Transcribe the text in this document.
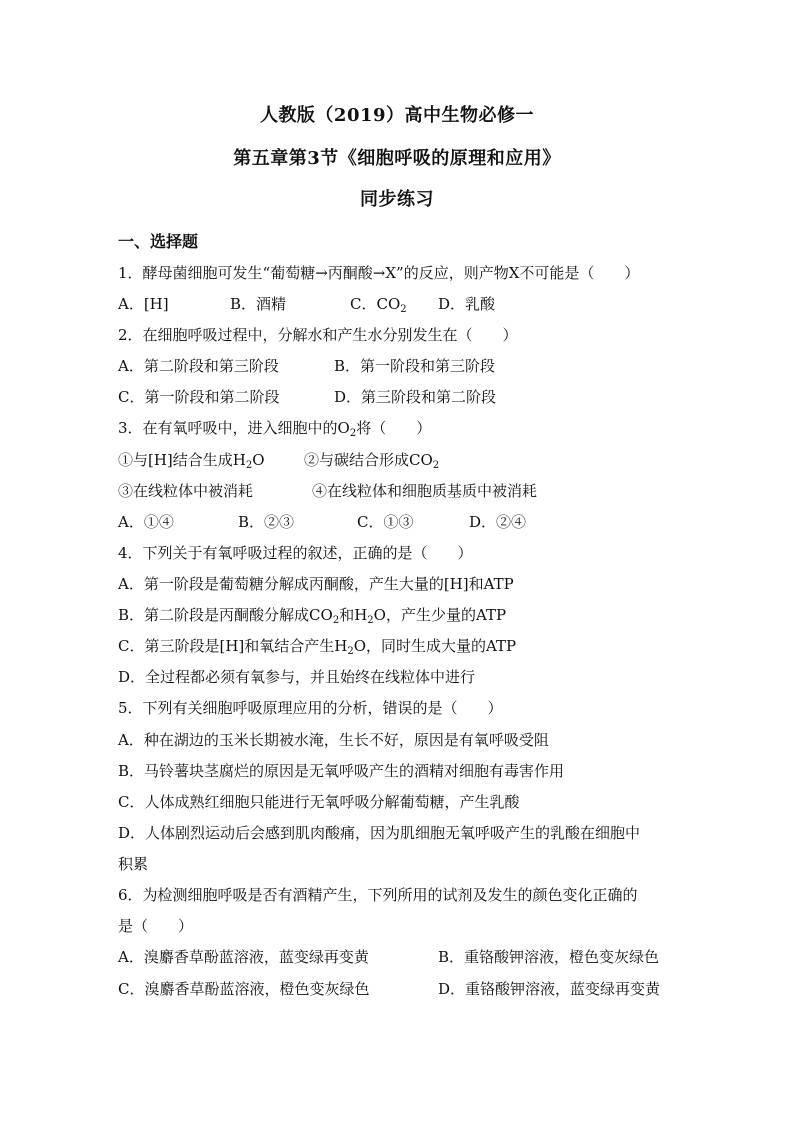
人教版（2019）高中生物必修一
第五章第3节《细胞呼吸的原理和应用》
同步练习
一、选择题
1．酵母菌细胞可发生“葡萄糖→丙酮酸→X”的反应，则产物X不可能是（　　）
A．[H]	B．酒精	C．$CO_2$ D．乳酸
2．在细胞呼吸过程中，分解水和产生水分别发生在（　　）
A．第二阶段和第三阶段	B．第一阶段和第三阶段
C．第一阶段和第二阶段	D．第三阶段和第二阶段
3．在有氧呼吸中，进入细胞中的$O_2$将（　　）
①与[H]结合生成$H_2O$	②与碳结合形成$CO_2$
③在线粒体中被消耗	④在线粒体和细胞质基质中被消耗
A．①④	B．②③	C．①③	D．②④
4．下列关于有氧呼吸过程的叙述，正确的是（　　）
A．第一阶段是葡萄糖分解成丙酮酸，产生大量的[H]和ATP
B．第二阶段是丙酮酸分解成$CO_2$和$H_2O$，产生少量的ATP
C．第三阶段是[H]和氧结合产生$H_2O$，同时生成大量的ATP
D．全过程都必须有氧参与，并且始终在线粒体中进行
5．下列有关细胞呼吸原理应用的分析，错误的是（　　）
A．种在湖边的玉米长期被水淹，生长不好，原因是有氧呼吸受阻
B．马铃薯块茎腐烂的原因是无氧呼吸产生的酒精对细胞有毒害作用
C．人体成熟红细胞只能进行无氧呼吸分解葡萄糖，产生乳酸
D．人体剧烈运动后会感到肌肉酸痛，因为肌细胞无氧呼吸产生的乳酸在细胞中
积累
6．为检测细胞呼吸是否有酒精产生，下列所用的试剂及发生的颜色变化正确的
是（　　）
A．溴麝香草酚蓝溶液，蓝变绿再变黄	B．重铬酸钾溶液，橙色变灰绿色
C．溴麝香草酚蓝溶液，橙色变灰绿色	D．重铬酸钾溶液，蓝变绿再变黄
